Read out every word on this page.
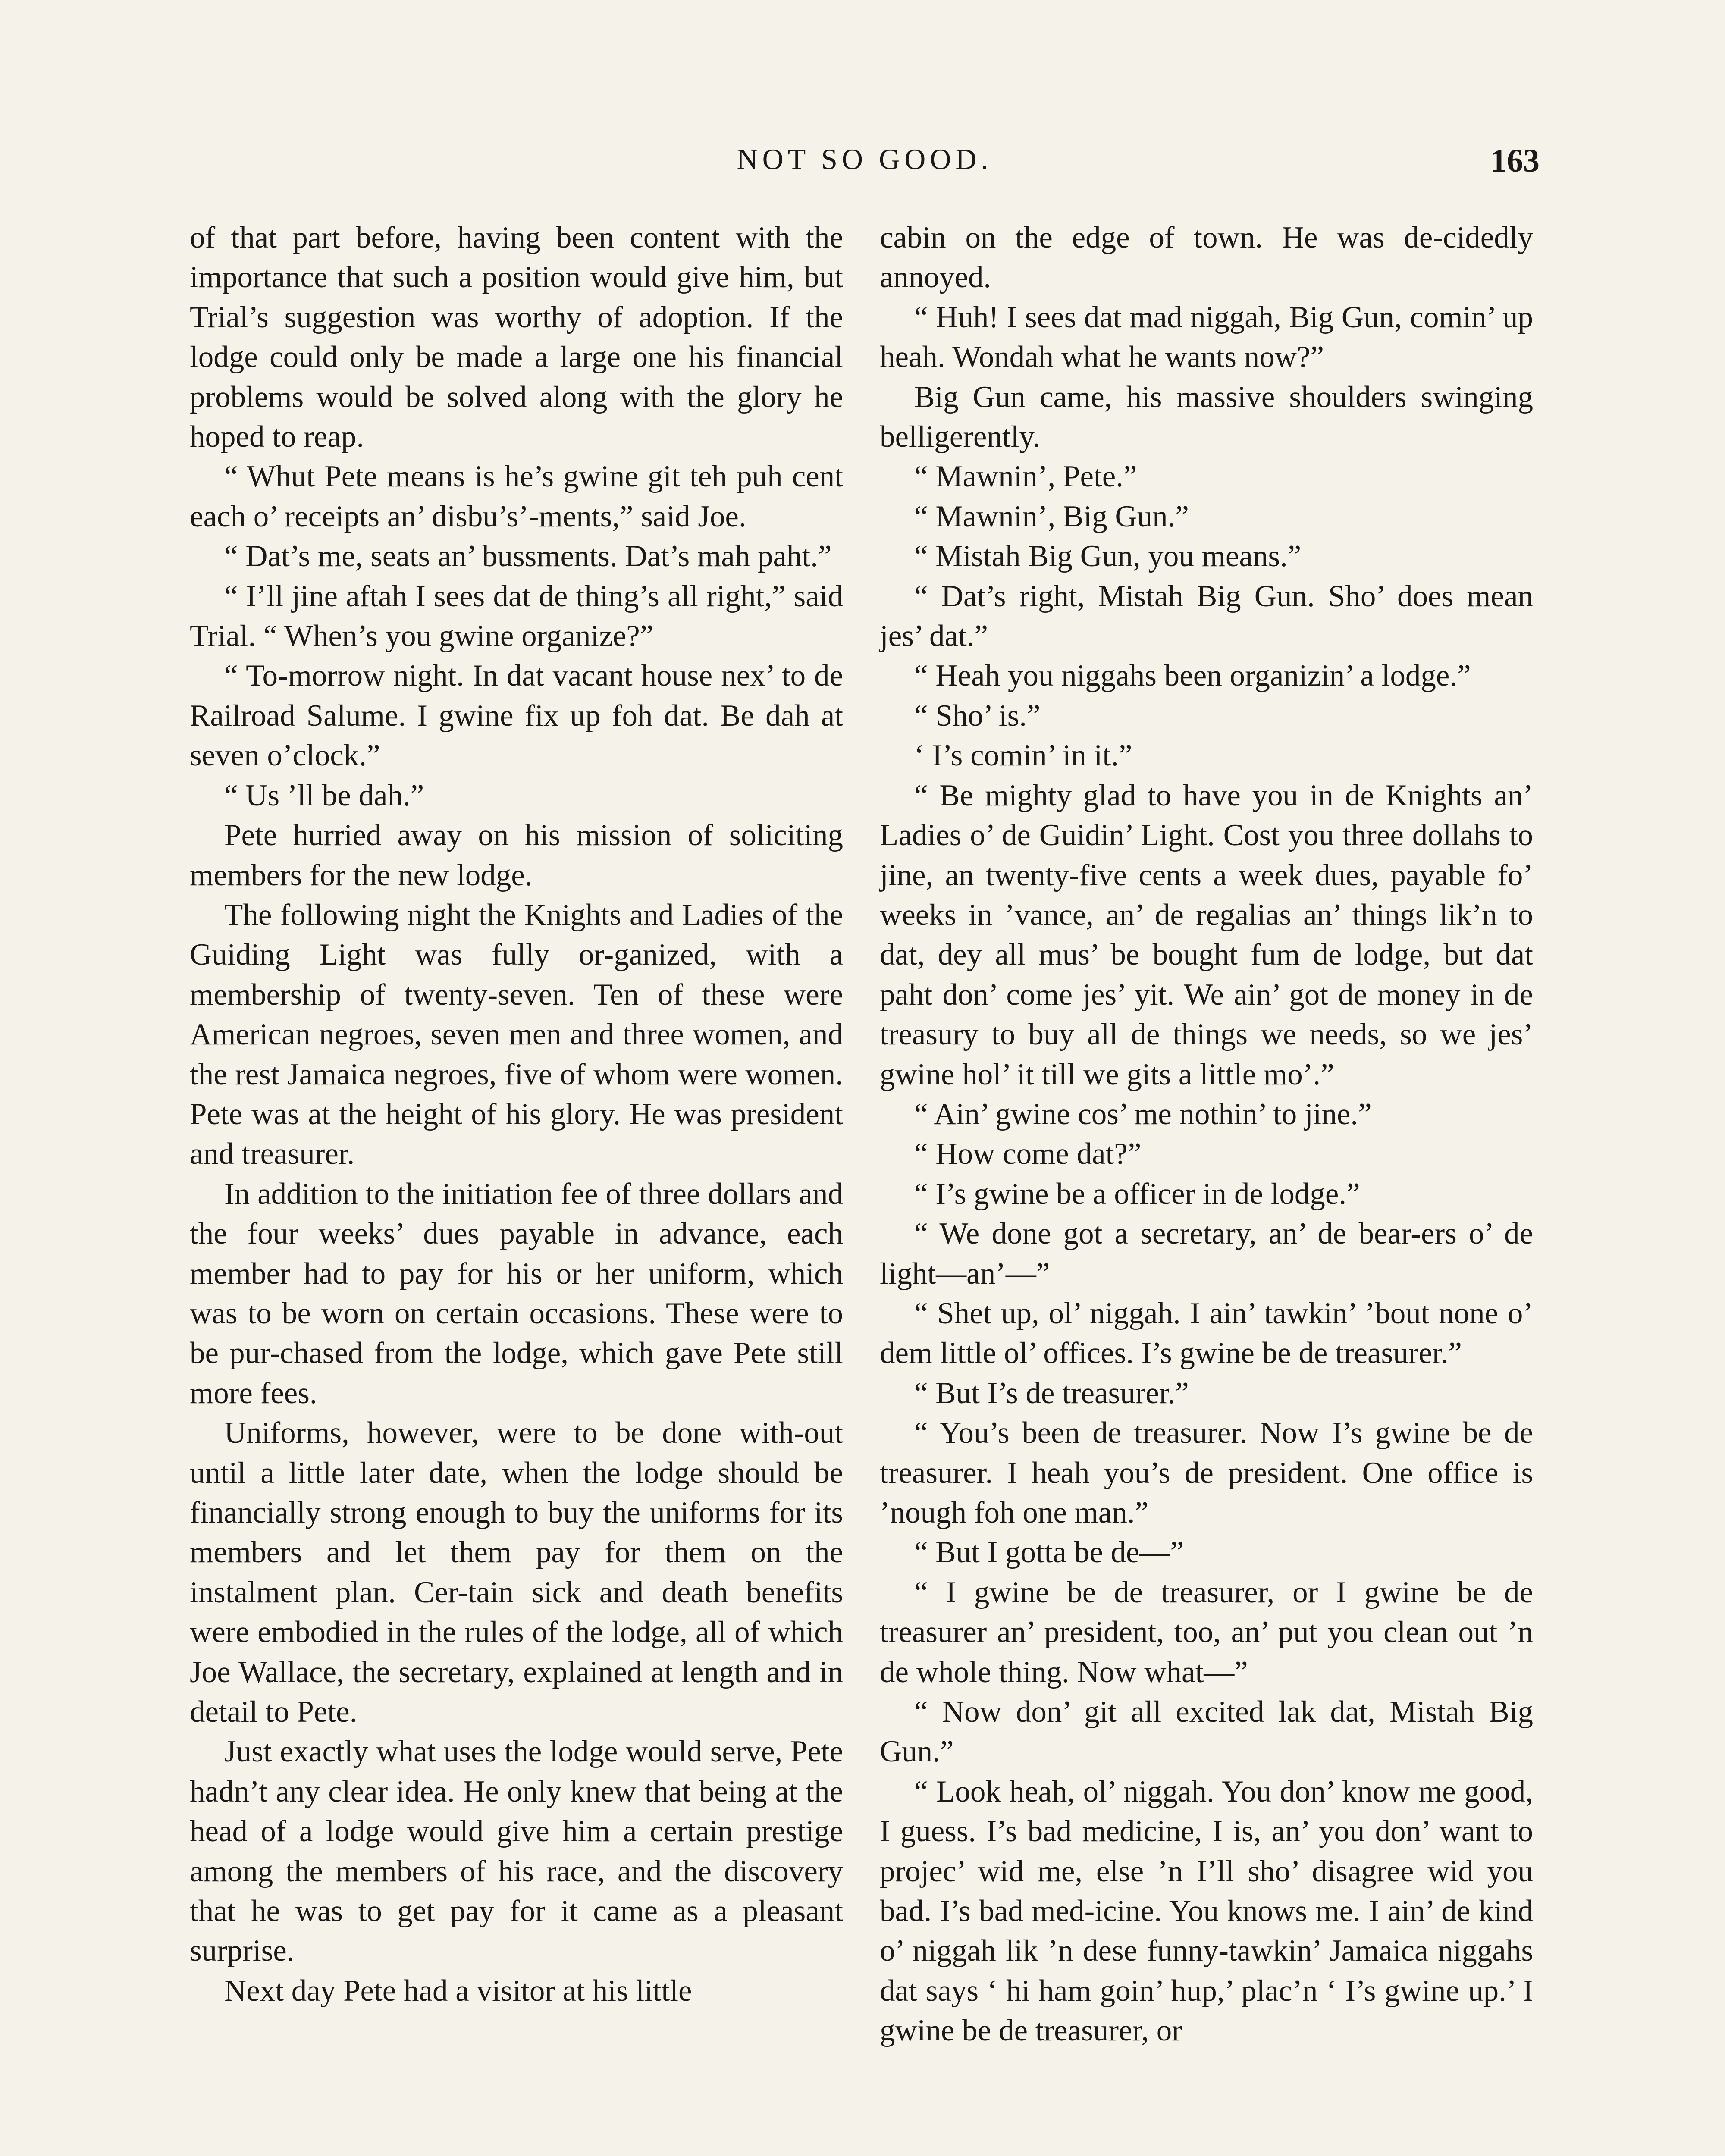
NOT SO GOOD.	163

of that part before, having been content with the importance that such a position would give him, but Trial’s suggestion was worthy of adoption. If the lodge could only be made a large one his financial problems would be solved along with the glory he hoped to reap.

“ Whut Pete means is he’s gwine git teh puh cent each o’ receipts an’ disbu’s’-ments,” said Joe.

“ Dat’s me, seats an’ bussments. Dat’s mah paht.”

“ I’ll jine aftah I sees dat de thing’s all right,” said Trial. “ When’s you gwine organize?”

“ To-morrow night. In dat vacant house nex’ to de Railroad Salume. I gwine fix up foh dat. Be dah at seven o’clock.”

“ Us ’ll be dah.”

Pete hurried away on his mission of soliciting members for the new lodge.

The following night the Knights and Ladies of the Guiding Light was fully or-ganized, with a membership of twenty-seven. Ten of these were American negroes, seven men and three women, and the rest Jamaica negroes, five of whom were women. Pete was at the height of his glory. He was president and treasurer.

In addition to the initiation fee of three dollars and the four weeks’ dues payable in advance, each member had to pay for his or her uniform, which was to be worn on certain occasions. These were to be pur-chased from the lodge, which gave Pete still more fees.

Uniforms, however, were to be done with-out until a little later date, when the lodge should be financially strong enough to buy the uniforms for its members and let them pay for them on the instalment plan. Cer-tain sick and death benefits were embodied in the rules of the lodge, all of which Joe Wallace, the secretary, explained at length and in detail to Pete.

Just exactly what uses the lodge would serve, Pete hadn’t any clear idea. He only knew that being at the head of a lodge would give him a certain prestige among the members of his race, and the discovery that he was to get pay for it came as a pleasant surprise.

Next day Pete had a visitor at his little

cabin on the edge of town. He was de-cidedly annoyed.

“ Huh! I sees dat mad niggah, Big Gun, comin’ up heah. Wondah what he wants now?”

Big Gun came, his massive shoulders swinging belligerently.

“ Mawnin’, Pete.”

“ Mawnin’, Big Gun.”

“ Mistah Big Gun, you means.”

“ Dat’s right, Mistah Big Gun. Sho’ does mean jes’ dat.”

“ Heah you niggahs been organizin’ a lodge.”

“ Sho’ is.”

‘ I’s comin’ in it.”

“ Be mighty glad to have you in de Knights an’ Ladies o’ de Guidin’ Light. Cost you three dollahs to jine, an twenty-five cents a week dues, payable fo’ weeks in ’vance, an’ de regalias an’ things lik’n to dat, dey all mus’ be bought fum de lodge, but dat paht don’ come jes’ yit. We ain’ got de money in de treasury to buy all de things we needs, so we jes’ gwine hol’ it till we gits a little mo’.”

“ Ain’ gwine cos’ me nothin’ to jine.”

“ How come dat?”

“ I’s gwine be a officer in de lodge.”

“ We done got a secretary, an’ de bear-ers o’ de light—an’—”

“ Shet up, ol’ niggah. I ain’ tawkin’ ’bout none o’ dem little ol’ offices. I’s gwine be de treasurer.”

“ But I’s de treasurer.”

“ You’s been de treasurer. Now I’s gwine be de treasurer. I heah you’s de president. One office is ’nough foh one man.”

“ But I gotta be de—”

“ I gwine be de treasurer, or I gwine be de treasurer an’ president, too, an’ put you clean out ’n de whole thing. Now what—”

“ Now don’ git all excited lak dat, Mistah Big Gun.”

“ Look heah, ol’ niggah. You don’ know me good, I guess. I’s bad medicine, I is, an’ you don’ want to projec’ wid me, else ’n I’ll sho’ disagree wid you bad. I’s bad med-icine. You knows me. I ain’ de kind o’ niggah lik ’n dese funny-tawkin’ Jamaica niggahs dat says ‘ hi ham goin’ hup,’ plac’n ‘ I’s gwine up.’ I gwine be de treasurer, or
